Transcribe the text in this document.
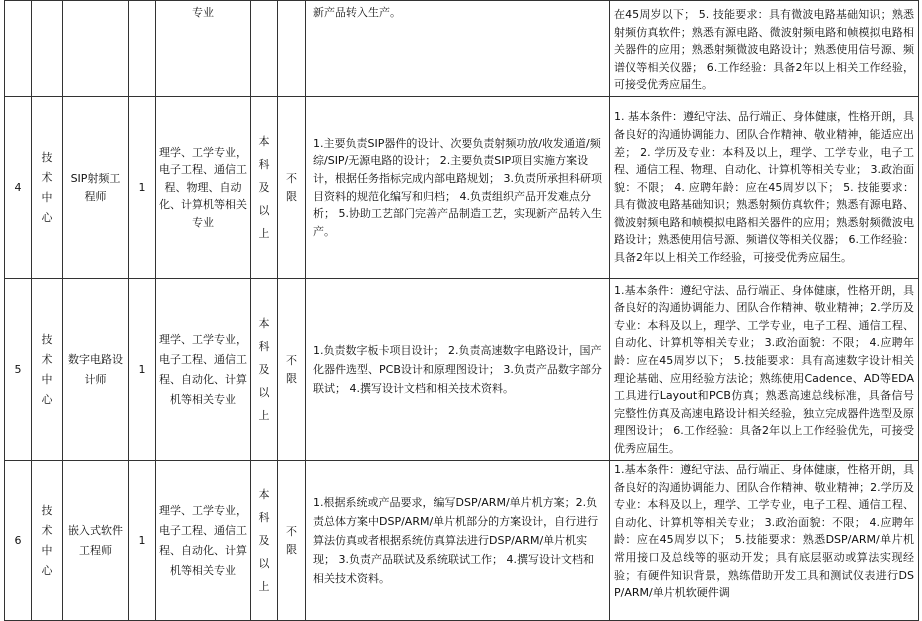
				专业			新产品转入生产。	在45周岁以下； 5. 技能要求：具有微波电路基础知识；熟悉射频仿真软件；熟悉有源电路、微波射频电路和帧模拟电路相关器件的应用；熟悉射频微波电路设计；熟悉使用信号源、频谱仪等相关仪器； 6.工作经验：具备2年以上相关工作经验，可接受优秀应届生。
4	技术中心	SIP射频工程师	1	理学、工学专业，电子工程、通信工程、物理、自动化、计算机等相关专业	本科及以上	不限	1.主要负责SIP器件的设计、次要负责射频功放/收发通道/频综/SIP/无源电路的设计； 2.主要负责SIP项目实施方案设计，根据任务指标完成内部电路规划； 3.负责所承担科研项目资料的规范化编写和归档； 4.负责组织产品开发难点分析； 5.协助工艺部门完善产品制造工艺，实现新产品转入生产。	1. 基本条件：遵纪守法、品行端正、身体健康，性格开朗，具备良好的沟通协调能力、团队合作精神、敬业精神，能适应出差； 2. 学历及专业：本科及以上，理学、工学专业，电子工程、通信工程、物理、自动化、计算机等相关专业； 3.政治面貌：不限； 4. 应聘年龄：应在45周岁以下； 5. 技能要求：具有微波电路基础知识；熟悉射频仿真软件；熟悉有源电路、微波射频电路和帧模拟电路相关器件的应用；熟悉射频微波电路设计；熟悉使用信号源、频谱仪等相关仪器； 6.工作经验：具备2年以上相关工作经验，可接受优秀应届生。
5	技术中心	数字电路设计师	1	理学、工学专业，电子工程、通信工程、自动化、计算机等相关专业	本科及以上	不限	1.负责数字板卡项目设计； 2.负责高速数字电路设计，国产化器件选型、PCB设计和原理图设计； 3.负责产品数字部分联试； 4.撰写设计文档和相关技术资料。	1.基本条件：遵纪守法、品行端正、身体健康，性格开朗，具备良好的沟通协调能力、团队合作精神、敬业精神；2.学历及专业：本科及以上，理学、工学专业，电子工程、通信工程、自动化、计算机等相关专业； 3.政治面貌：不限； 4.应聘年龄：应在45周岁以下； 5.技能要求：具有高速数字设计相关理论基础、应用经验方法论；熟练使用Cadence、AD等EDA工具进行Layout和PCB仿真；熟悉高速总线标准，具备信号完整性仿真及高速电路设计相关经验，独立完成器件选型及原理图设计； 6.工作经验：具备2年以上工作经验优先，可接受优秀应届生。
6	技术中心	嵌入式软件工程师	1	理学、工学专业，电子工程、通信工程、自动化、计算机等相关专业	本科及以上	不限	1.根据系统或产品要求，编写DSP/ARM/单片机方案；2.负责总体方案中DSP/ARM/单片机部分的方案设计，自行进行算法仿真或者根据系统仿真算法进行DSP/ARM/单片机实现； 3.负责产品联试及系统联试工作； 4.撰写设计文档和相关技术资料。	1.基本条件：遵纪守法、品行端正、身体健康，性格开朗，具备良好的沟通协调能力、团队合作精神、敬业精神；2.学历及专业：本科及以上，理学、工学专业，电子工程、通信工程、自动化、计算机等相关专业； 3.政治面貌：不限； 4.应聘年龄：应在45周岁以下； 5.技能要求：熟悉DSP/ARM/单片机常用接口及总线等的驱动开发；具有底层驱动或算法实现经验；有硬件知识背景，熟练借助开发工具和测试仪表进行DSP/ARM/单片机软硬件调
